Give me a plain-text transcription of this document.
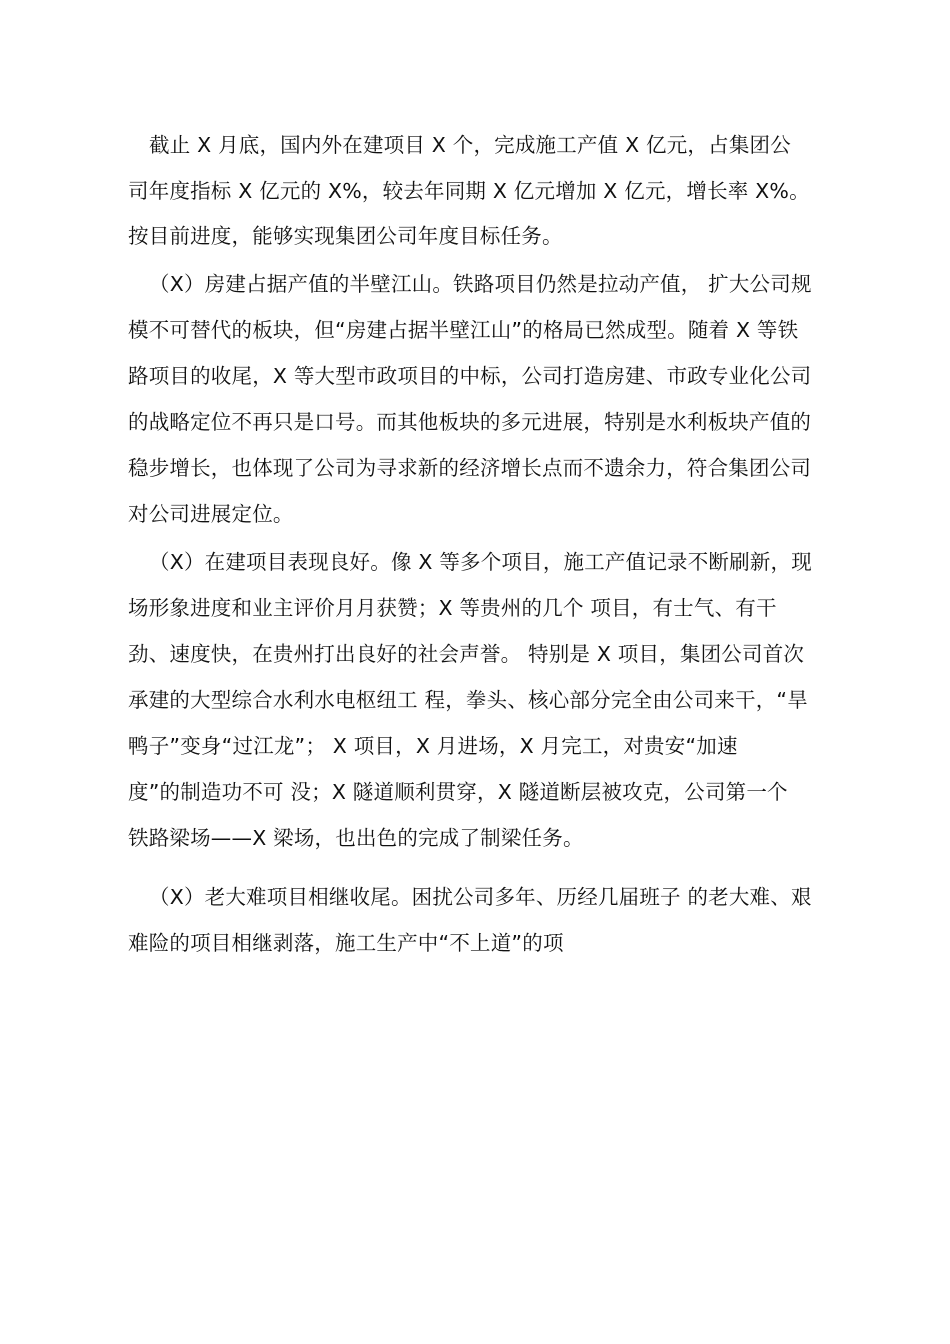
截止 X 月底，国内外在建项目 X 个，完成施工产值 X 亿元，占集团公
司年度指标 X 亿元的 X%，较去年同期 X 亿元增加 X 亿元，增长率 X%。
按目前进度，能够实现集团公司年度目标任务。
（X）房建占据产值的半壁江山。铁路项目仍然是拉动产值， 扩大公司规
模不可替代的板块，但“房建占据半壁江山”的格局已然成型。随着 X 等铁
路项目的收尾，X 等大型市政项目的中标，公司打造房建、市政专业化公司
的战略定位不再只是口号。而其他板块的多元进展，特别是水利板块产值的
稳步增长，也体现了公司为寻求新的经济增长点而不遗余力，符合集团公司
对公司进展定位。
（X）在建项目表现良好。像 X 等多个项目，施工产值记录不断刷新，现
场形象进度和业主评价月月获赞；X 等贵州的几个 项目，有士气、有干
劲、速度快，在贵州打出良好的社会声誉。 特别是 X 项目，集团公司首次
承建的大型综合水利水电枢纽工 程，拳头、核心部分完全由公司来干，“旱
鸭子”变身“过江龙”； X 项目，X 月进场，X 月完工，对贵安“加速
度”的制造功不可 没；X 隧道顺利贯穿，X 隧道断层被攻克，公司第一个
铁路梁场——X 梁场，也出色的完成了制梁任务。
（X）老大难项目相继收尾。困扰公司多年、历经几届班子 的老大难、艰
难险的项目相继剥落，施工生产中“不上道”的项
